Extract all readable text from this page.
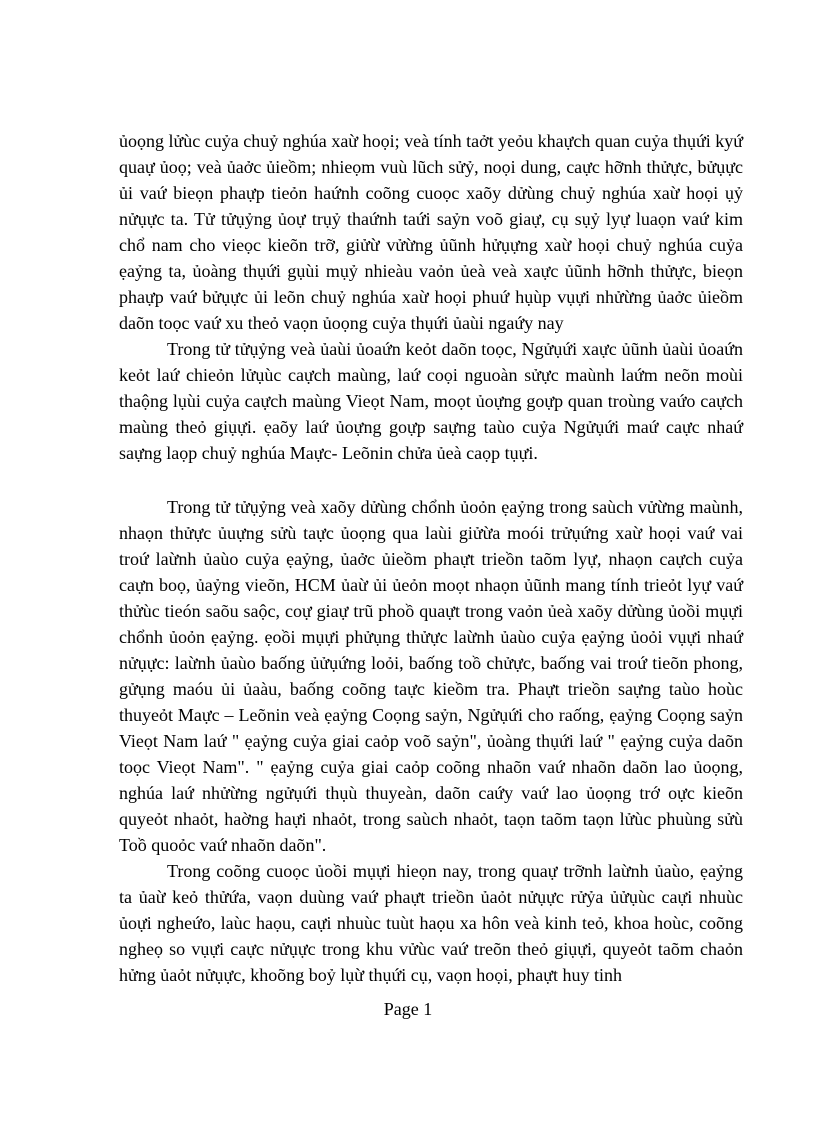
ủoọng lửùc cuỷa chuỷ nghúa xaừ hoọi; veà tính taởt yeỏu khaựch quan cuỷa thụứi kyứ quaự ủoọ; veà ủaởc ủieồm; nhieọm vuù lũch sửỷ, noọi dung, caực hỡnh thửực, bửụực ủi vaứ bieọn phaựp tieỏn haứnh coõng cuoọc xaõy dửùng chuỷ nghúa xaừ hoọi ụỷ nửụực ta. Tử tửụỷng ủoự trụỷ thaứnh taứi saỷn voõ giaự, cụ sụỷ lyự luaọn vaứ kim chổ nam cho vieọc kieõn trỡ, giửừ vửừng ủũnh hửụựng xaừ hoọi chuỷ nghúa cuỷa ẹaỷng ta, ủoàng thụứi gụùi mụỷ nhieàu vaỏn ủeà veà xaực ủũnh hỡnh thửực, bieọn phaựp vaứ bửụực ủi leõn chuỷ nghúa xaừ hoọi phuứ hụùp vụựi nhửừng ủaởc ủieồm daõn toọc vaứ xu theỏ vaọn ủoọng cuỷa thụứi ủaùi ngaứy nay

Trong tử tửụỷng veà ủaùi ủoaứn keỏt daõn toọc, Ngửụứi xaực ủũnh ủaùi ủoaứn keỏt laứ chieỏn lửụùc caựch maùng, laứ coọi nguoàn sửực maùnh laứm neõn moùi thaộng lụùi cuỷa caựch maùng Vieọt Nam, moọt ủoựng goựp quan troùng vaứo caựch maùng theỏ giụựi. ẹaõy laứ ủoựng goựp saựng taùo cuỷa Ngửụứi maứ caực nhaứ saựng laọp chuỷ nghúa Maực- Leõnin chửa ủeà caọp tụựi.

Trong tử tửụỷng veà xaõy dửùng chổnh ủoỏn ẹaỷng trong saùch vửừng maùnh, nhaọn thửực ủuựng sửù taực ủoọng qua laùi giửừa moói trửụứng xaừ hoọi vaứ vai troứ laừnh ủaùo cuỷa ẹaỷng, ủaởc ủieồm phaựt trieồn taõm lyự, nhaọn caựch cuỷa caựn boọ, ủaỷng vieõn, HCM ủaừ ủi ủeỏn moọt nhaọn ủũnh mang tính trieỏt lyự vaứ thửùc tieón saõu saộc, coự giaự trũ phoồ quaựt trong vaỏn ủeà xaõy dửùng ủoồi mụựi chổnh ủoỏn ẹaỷng. ẹoồi mụựi phửụng thửực laừnh ủaùo cuỷa ẹaỷng ủoỏi vụựi nhaứ nửụực: laừnh ủaùo baống ủửụứng loỏi, baống toồ chửực, baống vai troứ tieõn phong, gửụng maóu ủi ủaàu, baống coõng taực kieồm tra. Phaựt trieồn saựng taùo hoùc thuyeỏt Maực – Leõnin veà ẹaỷng Coọng saỷn, Ngửụứi cho raống, ẹaỷng Coọng saỷn Vieọt Nam laứ " ẹaỷng cuỷa giai caỏp voõ saỷn", ủoàng thụứi laứ " ẹaỷng cuỷa daõn toọc Vieọt Nam". " ẹaỷng cuỷa giai caỏp coõng nhaõn vaứ nhaõn daõn lao ủoọng, nghúa laứ nhửừng ngửụứi thụù thuyeàn, daõn caứy vaứ lao ủoọng trớ oực kieõn quyeỏt nhaỏt, haờng haựi nhaỏt, trong saùch nhaỏt, taọn taõm taọn lửùc phuùng sửù Toồ quoỏc vaứ nhaõn daõn".

Trong coõng cuoọc ủoồi mụựi hieọn nay, trong quaự trỡnh laừnh ủaùo, ẹaỷng ta ủaừ keỏ thửứa, vaọn duùng vaứ phaựt trieồn ủaỏt nửụực rửỷa ủửụùc caựi nhuùc ủoựi ngheứo, laùc haọu, caựi nhuùc tuùt haọu xa hôn veà kinh teỏ, khoa hoùc, coõng ngheọ so vụựi caực nửụực trong khu vửùc vaứ treõn theỏ giụựi, quyeỏt taõm chaỏn hửng ủaỏt nửụực, khoõng boỷ lụừ thụứi cụ, vaọn hoọi, phaựt huy tinh

Page 1
